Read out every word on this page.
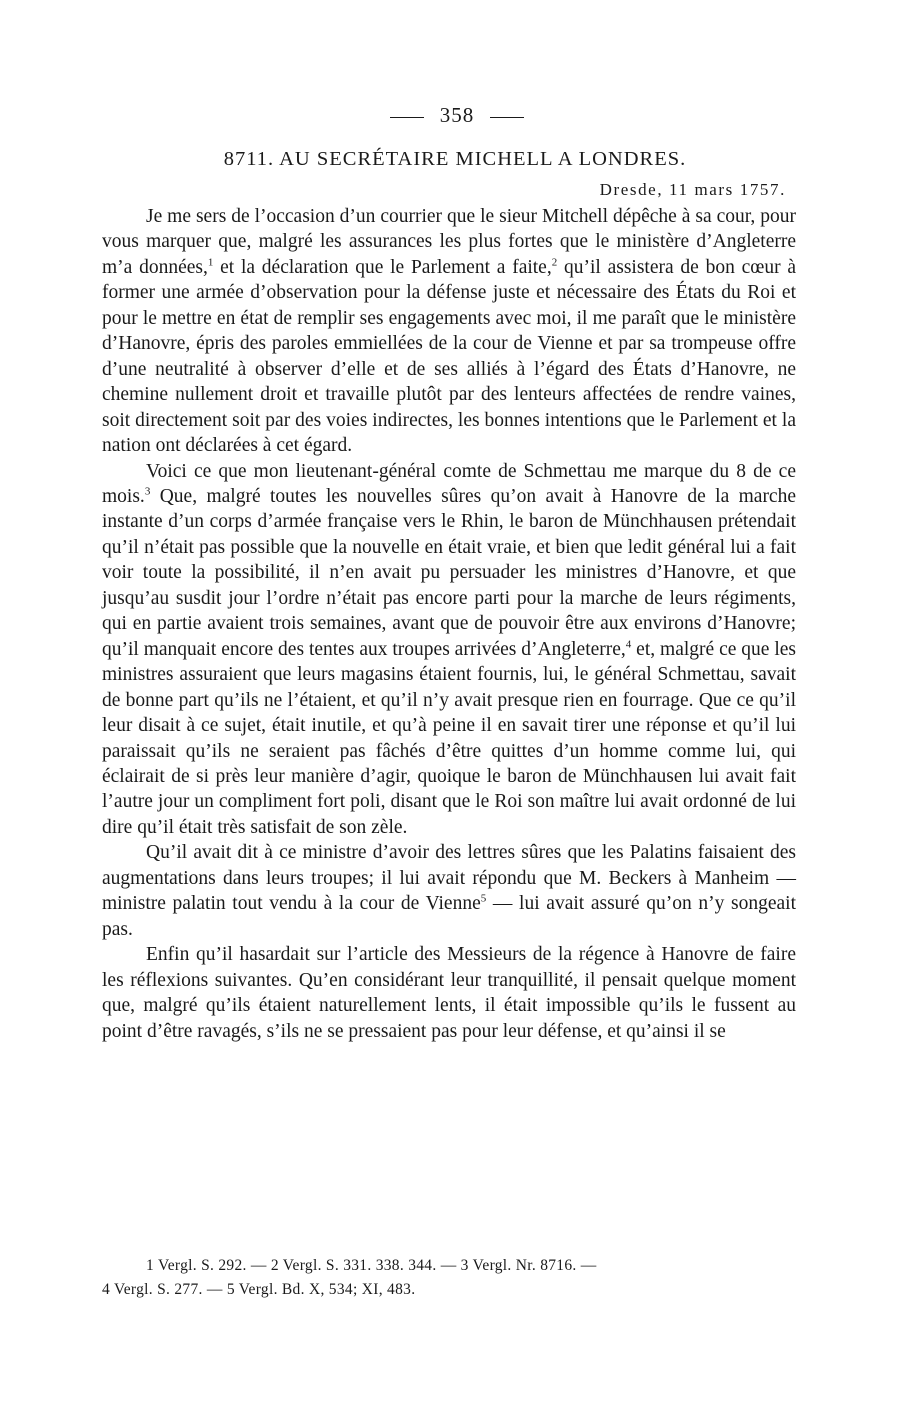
358
8711. AU SECRÉTAIRE MICHELL A LONDRES.
Dresde, 11 mars 1757.

Je me sers de l’occasion d’un courrier que le sieur Mitchell dépêche à sa cour, pour vous marquer que, malgré les assurances les plus fortes que le ministère d’Angleterre m’a données,$^1$ et la déclaration que le Parlement a faite,$^2$ qu’il assistera de bon cœur à former une armée d’observation pour la défense juste et nécessaire des États du Roi et pour le mettre en état de remplir ses engagements avec moi, il me paraît que le ministère d’Hanovre, épris des paroles emmiellées de la cour de Vienne et par sa trompeuse offre d’une neutralité à observer d’elle et de ses alliés à l’égard des États d’Hanovre, ne chemine nullement droit et travaille plutôt par des lenteurs affectées de rendre vaines, soit directement soit par des voies indirectes, les bonnes intentions que le Parlement et la nation ont déclarées à cet égard.

Voici ce que mon lieutenant-général comte de Schmettau me marque du 8 de ce mois.$^3$ Que, malgré toutes les nouvelles sûres qu’on avait à Hanovre de la marche instante d’un corps d’armée française vers le Rhin, le baron de Münchhausen prétendait qu’il n’était pas possible que la nouvelle en était vraie, et bien que ledit général lui a fait voir toute la possibilité, il n’en avait pu persuader les ministres d’Hanovre, et que jusqu’au susdit jour l’ordre n’était pas encore parti pour la marche de leurs régiments, qui en partie avaient trois semaines, avant que de pouvoir être aux environs d’Hanovre; qu’il manquait encore des tentes aux troupes arrivées d’Angleterre,$^4$ et, malgré ce que les ministres assuraient que leurs magasins étaient fournis, lui, le général Schmettau, savait de bonne part qu’ils ne l’étaient, et qu’il n’y avait presque rien en fourrage. Que ce qu’il leur disait à ce sujet, était inutile, et qu’à peine il en savait tirer une réponse et qu’il lui paraissait qu’ils ne seraient pas fâchés d’être quittes d’un homme comme lui, qui éclairait de si près leur manière d’agir, quoique le baron de Münchhausen lui avait fait l’autre jour un compliment fort poli, disant que le Roi son maître lui avait ordonné de lui dire qu’il était très satisfait de son zèle.

Qu’il avait dit à ce ministre d’avoir des lettres sûres que les Palatins faisaient des augmentations dans leurs troupes; il lui avait répondu que M. Beckers à Manheim — ministre palatin tout vendu à la cour de Vienne$^5$ — lui avait assuré qu’on n’y songeait pas.

Enfin qu’il hasardait sur l’article des Messieurs de la régence à Hanovre de faire les réflexions suivantes. Qu’en considérant leur tranquillité, il pensait quelque moment que, malgré qu’ils étaient naturellement lents, il était impossible qu’ils le fussent au point d’être ravagés, s’ils ne se pressaient pas pour leur défense, et qu’ainsi il se

1 Vergl. S. 292. — 2 Vergl. S. 331. 338. 344. — 3 Vergl. Nr. 8716. —
4 Vergl. S. 277. — 5 Vergl. Bd. X, 534; XI, 483.
